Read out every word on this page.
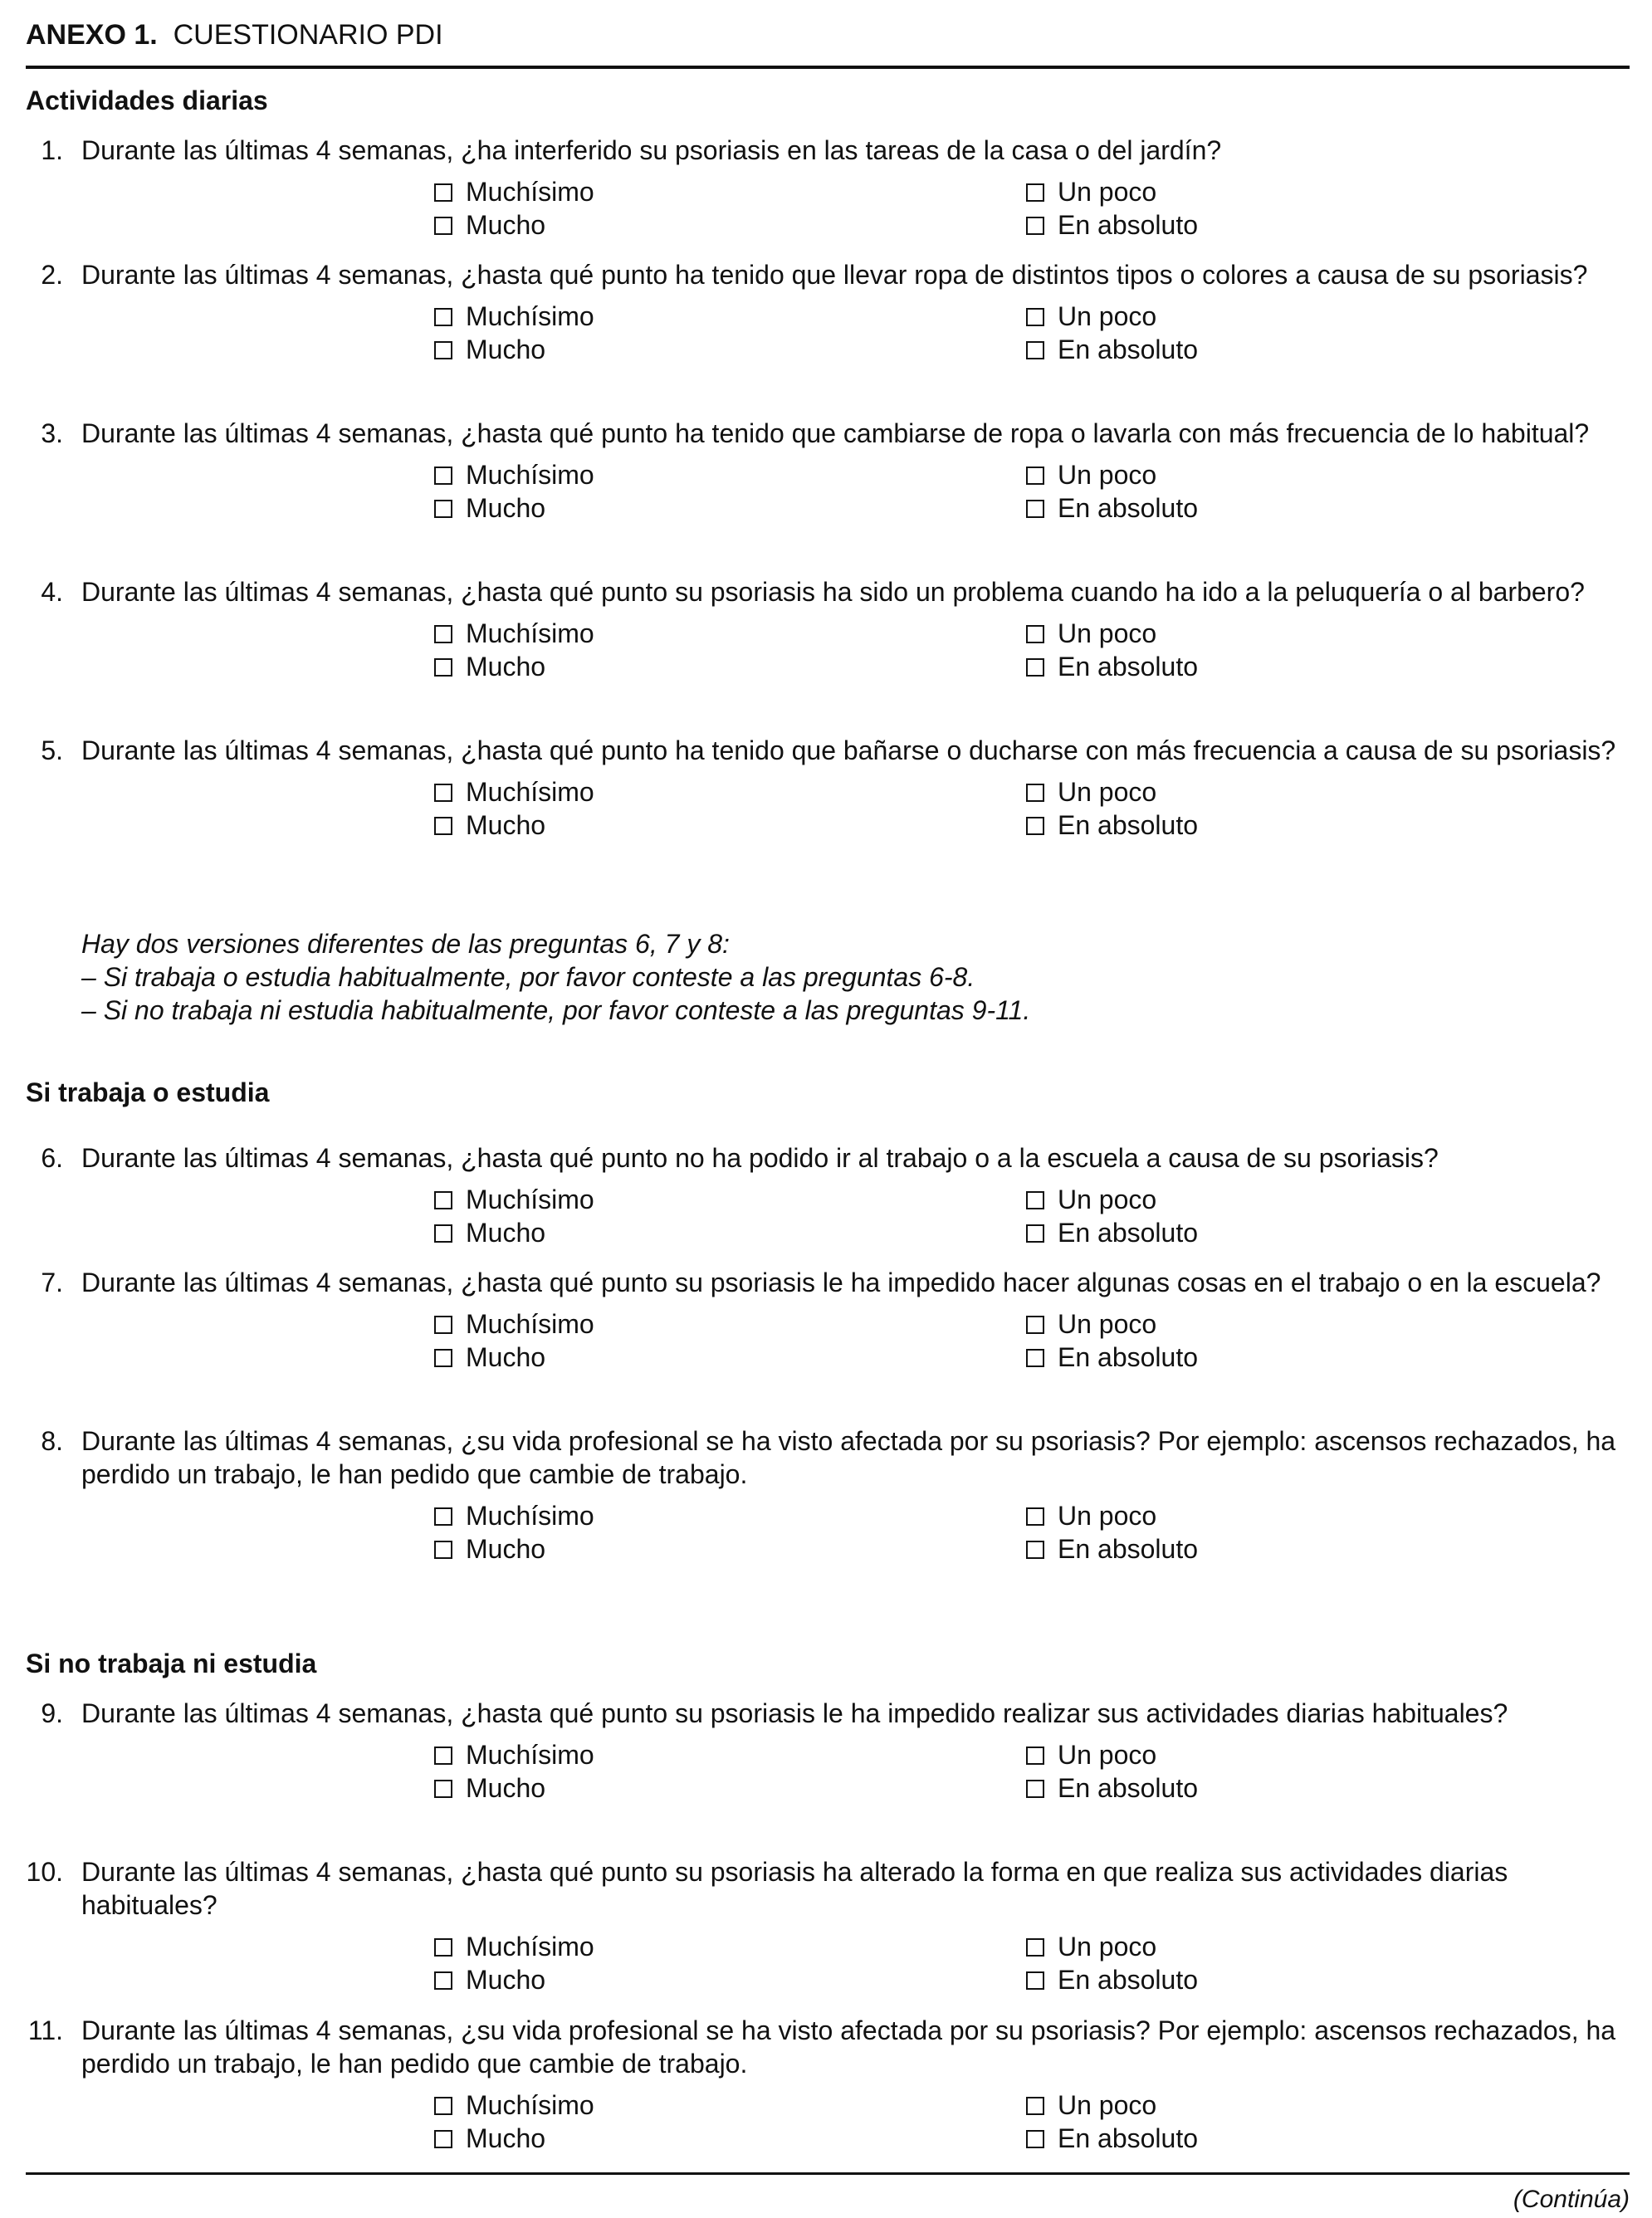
ANEXO 1. CUESTIONARIO PDI
Actividades diarias
1. Durante las últimas 4 semanas, ¿ha interferido su psoriasis en las tareas de la casa o del jardín?
Muchísimo
Mucho
Un poco
En absoluto
2. Durante las últimas 4 semanas, ¿hasta qué punto ha tenido que llevar ropa de distintos tipos o colores a causa de su psoriasis?
Muchísimo
Mucho
Un poco
En absoluto
3. Durante las últimas 4 semanas, ¿hasta qué punto ha tenido que cambiarse de ropa o lavarla con más frecuencia de lo habitual?
Muchísimo
Mucho
Un poco
En absoluto
4. Durante las últimas 4 semanas, ¿hasta qué punto su psoriasis ha sido un problema cuando ha ido a la peluquería o al barbero?
Muchísimo
Mucho
Un poco
En absoluto
5. Durante las últimas 4 semanas, ¿hasta qué punto ha tenido que bañarse o ducharse con más frecuencia a causa de su psoriasis?
Muchísimo
Mucho
Un poco
En absoluto
Hay dos versiones diferentes de las preguntas 6, 7 y 8:
– Si trabaja o estudia habitualmente, por favor conteste a las preguntas 6-8.
– Si no trabaja ni estudia habitualmente, por favor conteste a las preguntas 9-11.
Si trabaja o estudia
6. Durante las últimas 4 semanas, ¿hasta qué punto no ha podido ir al trabajo o a la escuela a causa de su psoriasis?
Muchísimo
Mucho
Un poco
En absoluto
7. Durante las últimas 4 semanas, ¿hasta qué punto su psoriasis le ha impedido hacer algunas cosas en el trabajo o en la escuela?
Muchísimo
Mucho
Un poco
En absoluto
8. Durante las últimas 4 semanas, ¿su vida profesional se ha visto afectada por su psoriasis? Por ejemplo: ascensos rechazados, ha perdido un trabajo, le han pedido que cambie de trabajo.
Muchísimo
Mucho
Un poco
En absoluto
Si no trabaja ni estudia
9. Durante las últimas 4 semanas, ¿hasta qué punto su psoriasis le ha impedido realizar sus actividades diarias habituales?
Muchísimo
Mucho
Un poco
En absoluto
10. Durante las últimas 4 semanas, ¿hasta qué punto su psoriasis ha alterado la forma en que realiza sus actividades diarias habituales?
Muchísimo
Mucho
Un poco
En absoluto
11. Durante las últimas 4 semanas, ¿su vida profesional se ha visto afectada por su psoriasis? Por ejemplo: ascensos rechazados, ha perdido un trabajo, le han pedido que cambie de trabajo.
Muchísimo
Mucho
Un poco
En absoluto
(Continúa)
